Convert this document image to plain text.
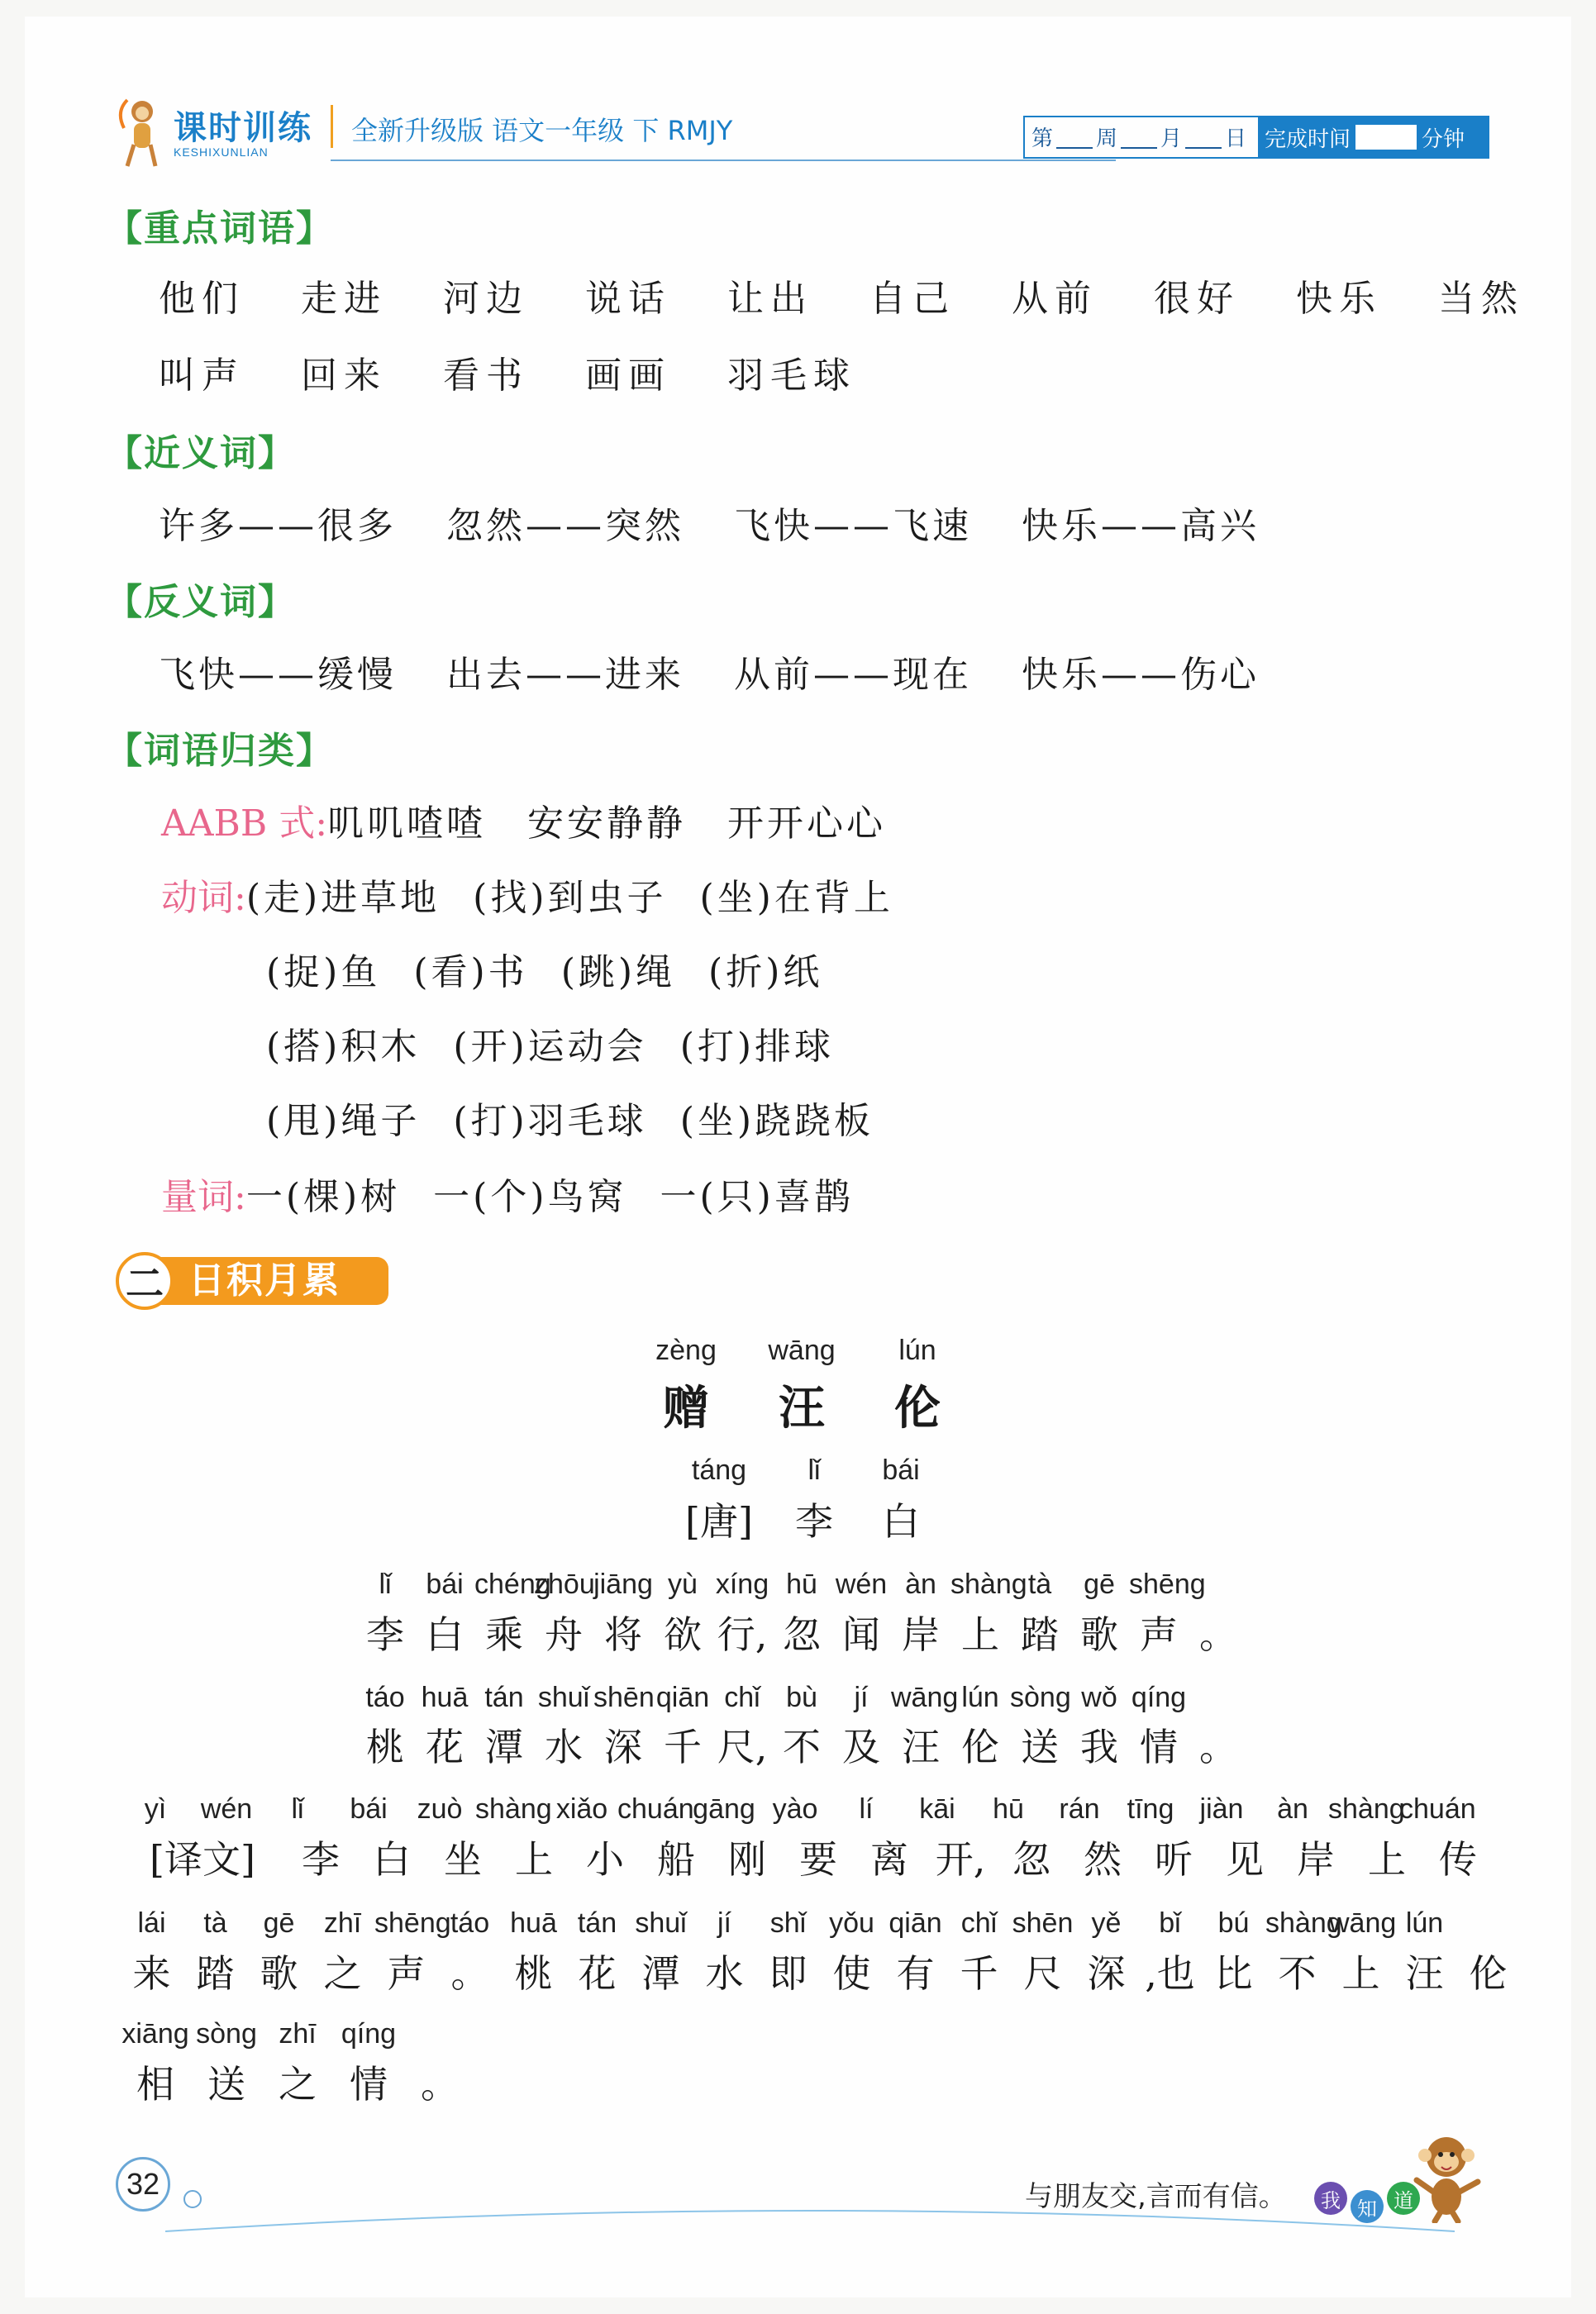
课时训练
KESHIXUNLIAN
全新升级版 语文一年级 下 RMJY	第 周 月 日 完成时间	分钟
【重点词语】
他们 走进 河边 说话 让出 自己 从前 很好 快乐 当然
叫声 回来 看书 画画 羽毛球
【近义词】
许多——很多 忽然——突然 飞快——飞速 快乐——高兴
【反义词】
飞快——缓慢 出去——进来 从前——现在 快乐——伤心
【词语归类】
AABB 式:叽叽喳喳 安安静静 开开心心
动词:(走)进草地 (找)到虫子 (坐)在背上
(捉)鱼 (看)书 (跳)绳 (折)纸
(搭)积木 (开)运动会 (打)排球
(甩)绳子 (打)羽毛球 (坐)跷跷板
量词:一(棵)树 一(个)鸟窝 一(只)喜鹊
二 日积月累
zèng wāng lún
赠 汪 伦
táng lǐ bái
[唐] 李 白
lǐ bái chéngzhōujiāng yù xíng hū wén àn shàngtà gē shēng
李 白 乘 舟 将 欲 行, 忽 闻 岸 上 踏 歌 声 。
táo huā tán shuǐ shēnqiān chǐ bù jí wāng lún sòng wǒ qíng
桃 花 潭 水 深 千 尺, 不 及 汪 伦 送 我 情 。
yì wén lǐ bái zuò shàng xiǎo chuángāng yào lí kāi hū rán tīng jiàn àn shàngchuán
[译文] 李 白 坐 上 小 船 刚 要 离 开, 忽 然 听 见 岸 上 传
lái tà gē zhī shēngtáo huā tán shuǐ jí shǐ yǒu qiān chǐ shēn yě bǐ bú shàngwāng lún
来 踏 歌 之 声 。 桃 花 潭 水 即 使 有 千 尺 深 ,也 比 不 上 汪 伦
xiāng sòng zhī qíng
相 送 之 情 。
32	与朋友交,言而有信。	我 知 道
